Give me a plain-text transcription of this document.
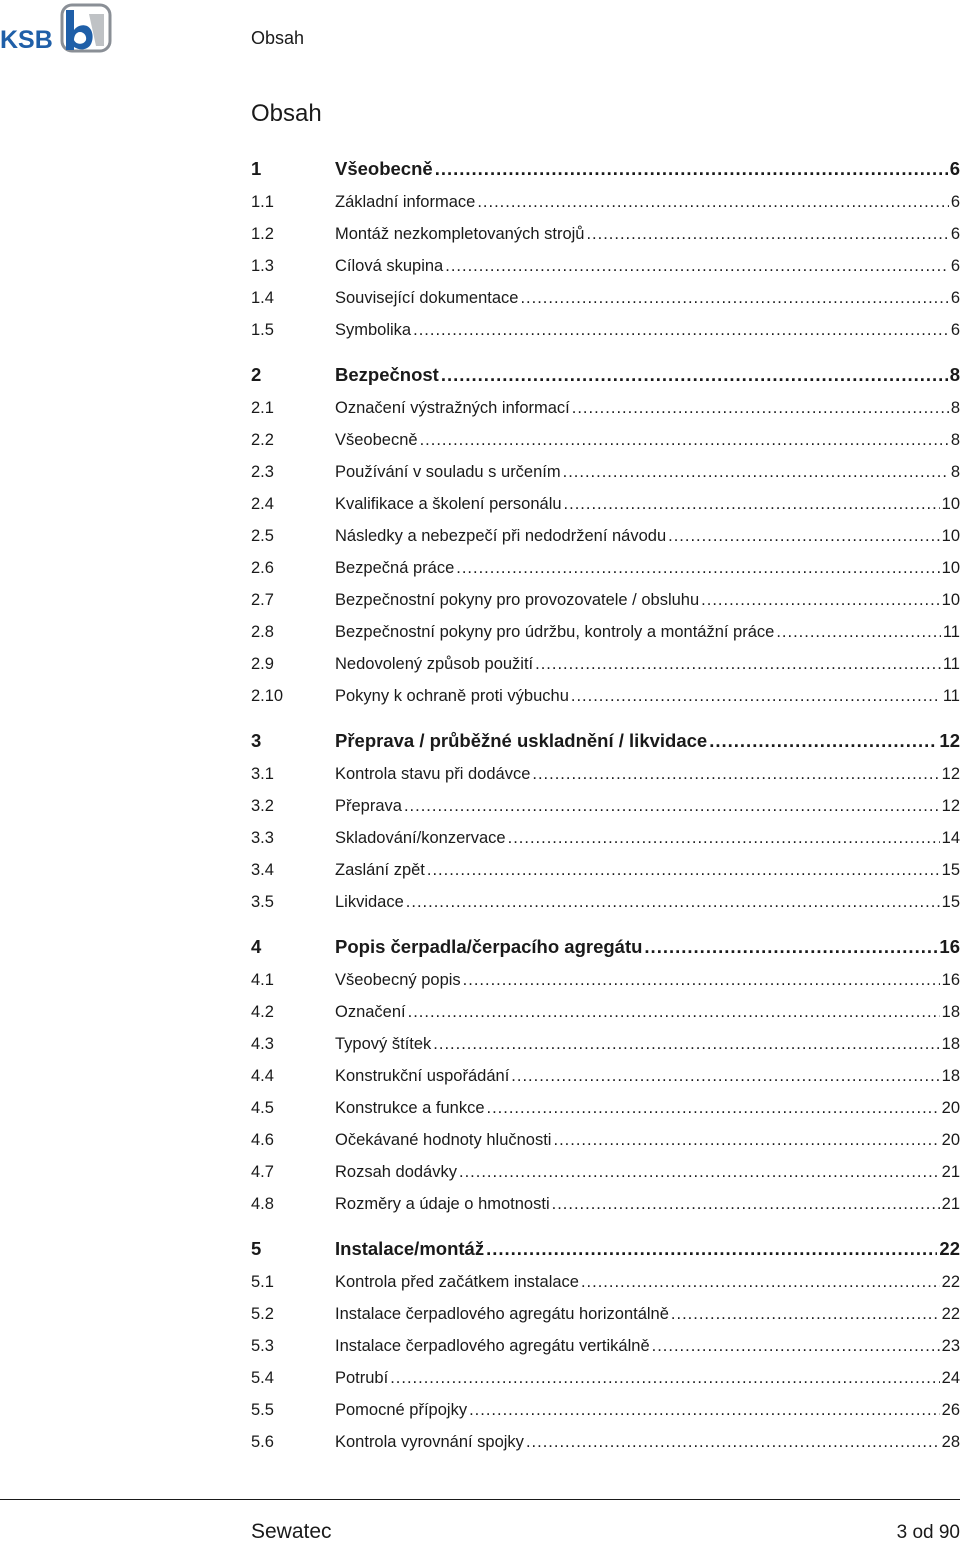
KSB	Obsah
Obsah
1	Všeobecně .....	6
1.1	Základní informace .....	6
1.2	Montáž nezkompletovaných strojů .....	6
1.3	Cílová skupina .....	6
1.4	Související dokumentace .....	6
1.5	Symbolika .....	6
2	Bezpečnost .....	8
2.1	Označení výstražných informací .....	8
2.2	Všeobecně .....	8
2.3	Používání v souladu s určením .....	8
2.4	Kvalifikace a školení personálu .....	10
2.5	Následky a nebezpečí při nedodržení návodu .....	10
2.6	Bezpečná práce .....	10
2.7	Bezpečnostní pokyny pro provozovatele / obsluhu .....	10
2.8	Bezpečnostní pokyny pro údržbu, kontroly a montážní práce .....	11
2.9	Nedovolený způsob použití .....	11
2.10	Pokyny k ochraně proti výbuchu .....	11
3	Přeprava / průběžné uskladnění / likvidace .....	12
3.1	Kontrola stavu při dodávce .....	12
3.2	Přeprava .....	12
3.3	Skladování/konzervace .....	14
3.4	Zaslání zpět .....	15
3.5	Likvidace .....	15
4	Popis čerpadla/čerpacího agregátu .....	16
4.1	Všeobecný popis .....	16
4.2	Označení .....	18
4.3	Typový štítek .....	18
4.4	Konstrukční uspořádání .....	18
4.5	Konstrukce a funkce .....	20
4.6	Očekávané hodnoty hlučnosti .....	20
4.7	Rozsah dodávky .....	21
4.8	Rozměry a údaje o hmotnosti .....	21
5	Instalace/montáž .....	22
5.1	Kontrola před začátkem instalace .....	22
5.2	Instalace čerpadlového agregátu horizontálně .....	22
5.3	Instalace čerpadlového agregátu vertikálně .....	23
5.4	Potrubí .....	24
5.5	Pomocné přípojky .....	26
5.6	Kontrola vyrovnání spojky .....	28
Sewatec	3 od 90
